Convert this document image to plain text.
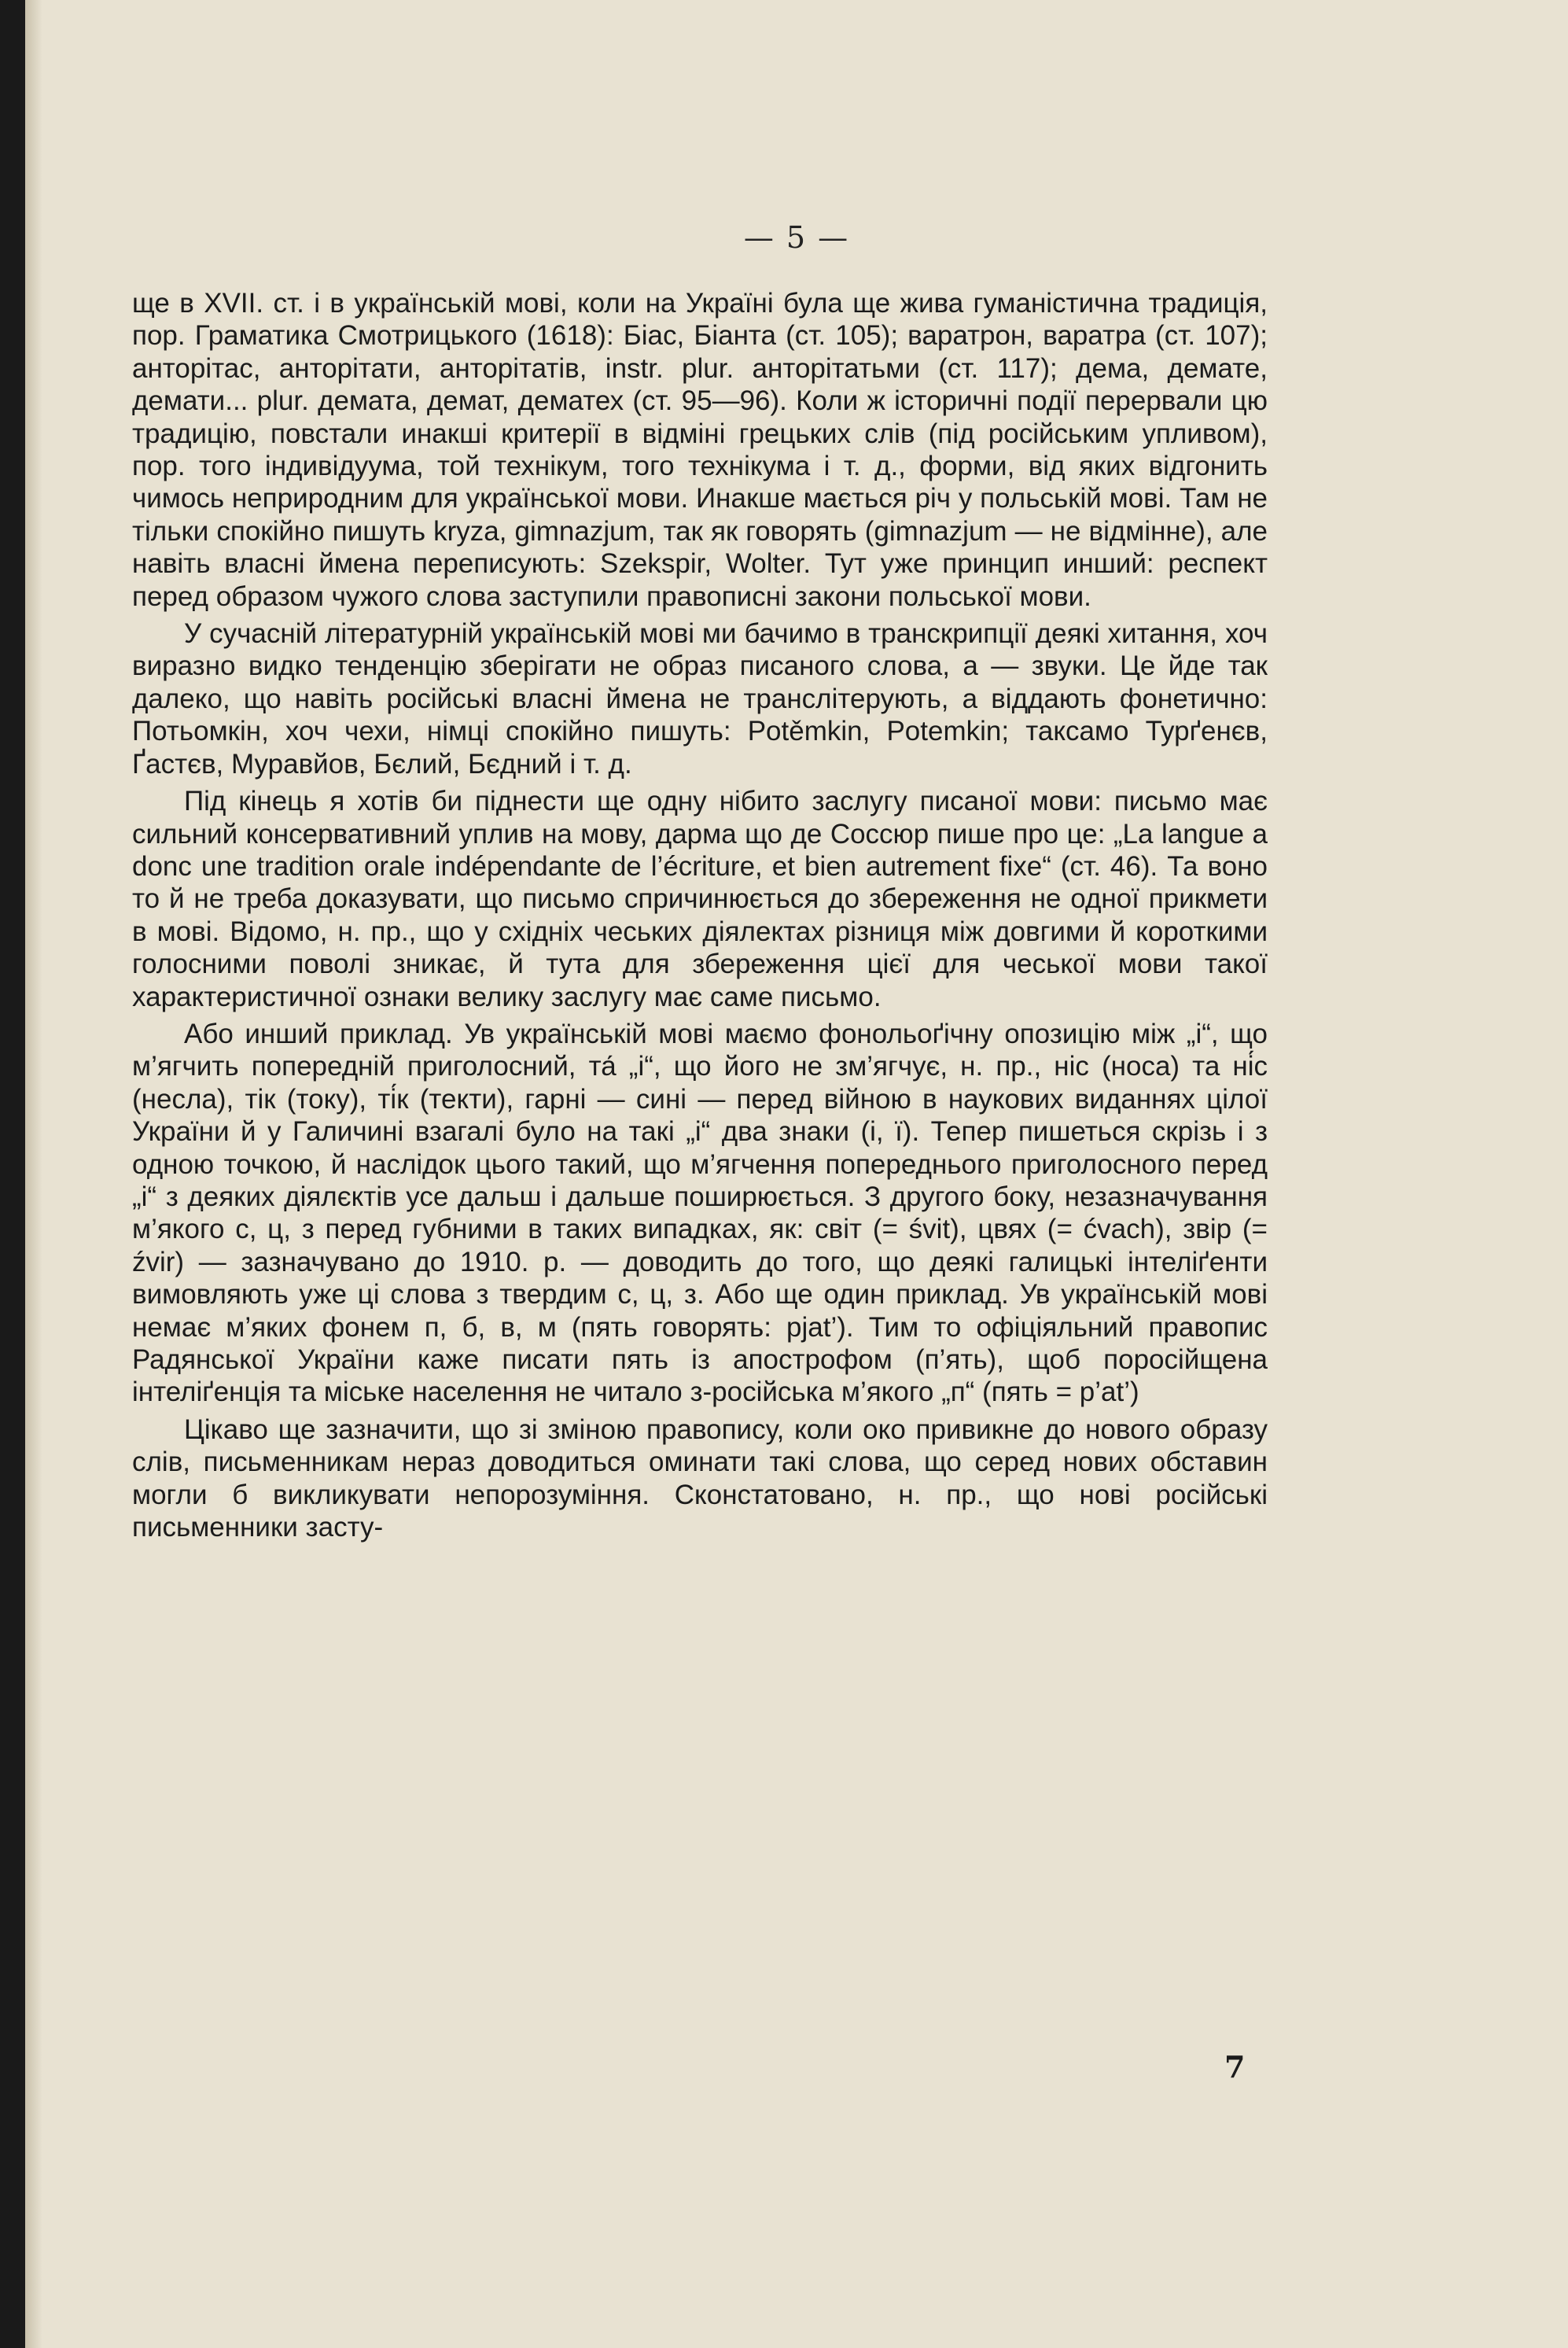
— 5 —

ще в XVII. ст. і в українській мові, коли на Україні була ще жива гуманістична традиція, пор. Граматика Смотрицького (1618): Біас, Біанта (ст. 105); варатрон, варатра (ст. 107); антоpітас, антоpітати, антоpітатів, instr. plur. антоpітатьми (ст. 117); дема, демате, демати... plur. демата, демат, дематех (ст. 95—96). Коли ж історичні події перервали цю традицію, повстали инакші критерії в відміні грецьких слів (під російським упливом), пор. того індивідуума, той технікум, того технікума і т. д., форми, від яких відгонить чимось неприродним для української мови. Инакше мається річ у польській мові. Там не тільки спокійно пишуть kryza, gimnazjum, так як говорять (gimnazjum — не відмінне), але навіть власні ймена переписують: Szekspir, Wolter. Тут уже принцип инший: респект перед образом чужого слова заступили правописні закони польської мови.

У сучасній літературній українській мові ми бачимо в транскрипції деякі хитання, хоч виразно видко тенденцію зберігати не образ писаного слова, а — звуки. Це йде так далеко, що навіть російські власні ймена не транслітерують, а віддають фонетично: Потьомкін, хоч чехи, німці спокійно пишуть: Potěmkin, Potemkin; таксамо Турґенєв, Ґастєв, Муравйов, Бєлий, Бєдний і т. д.

Під кінець я хотів би піднести ще одну нібито заслугу писаної мови: письмо має сильний консервативний уплив на мову, дарма що де Соссюр пише про це: „La langue a donc une tradition orale indépendante de l’écriture, et bien autrement fixe“ (ст. 46). Та воно то й не треба доказувати, що письмо спричинюється до збереження не одної прикмети в мові. Відомо, н. пр., що у східніх чеських діялектах різниця між довгими й короткими голосними поволі зникає, й тута для збереження цієї для чеської мови такої характеристичної ознаки велику заслугу має саме письмо.

Або инший приклад. Ув українській мові маємо фонольоґічну опозицію між „і“, що м’ягчить попередній приголосний, та́ „і“, що його не зм’ягчує, н. пр., ніс (носа) та ні́с (несла), тік (току), ті́к (текти), гарні — сині — перед війною в наукових виданнях цілої України й у Галичині взагалі було на такі „і“ два знаки (i, ї). Тепер пишеться скрізь і з одною точкою, й наслідок цього такий, що м’ягчення попереднього приголосного перед „і“ з деяких діялєктів усе дальш і дальше поширюється. З другого боку, незазначування м’якого с, ц, з перед губними в таких випадках, як: світ (= śvit), цвях (= ćvach), звір (= źvir) — зазначувано до 1910. р. — доводить до того, що деякі галицькі інтеліґенти вимовляють уже ці слова з твердим с, ц, з. Або ще один приклад. Ув українській мові немає м’яких фонем п, б, в, м (пять говорять: pjat’). Тим то офіціяльний правопис Радянської України каже писати пять із апострофом (п’ять), щоб поросійщена інтеліґенція та міське населення не читало з-російська м’якого „п“ (пять = p’at’)

Цікаво ще зазначити, що зі зміною правопису, коли око привикне до нового образу слів, письменникам нераз доводиться оминати такі слова, що серед нових обставин могли б викликувати непорозуміння. Сконстатовано, н. пр., що нові російські письменники засту-

7
